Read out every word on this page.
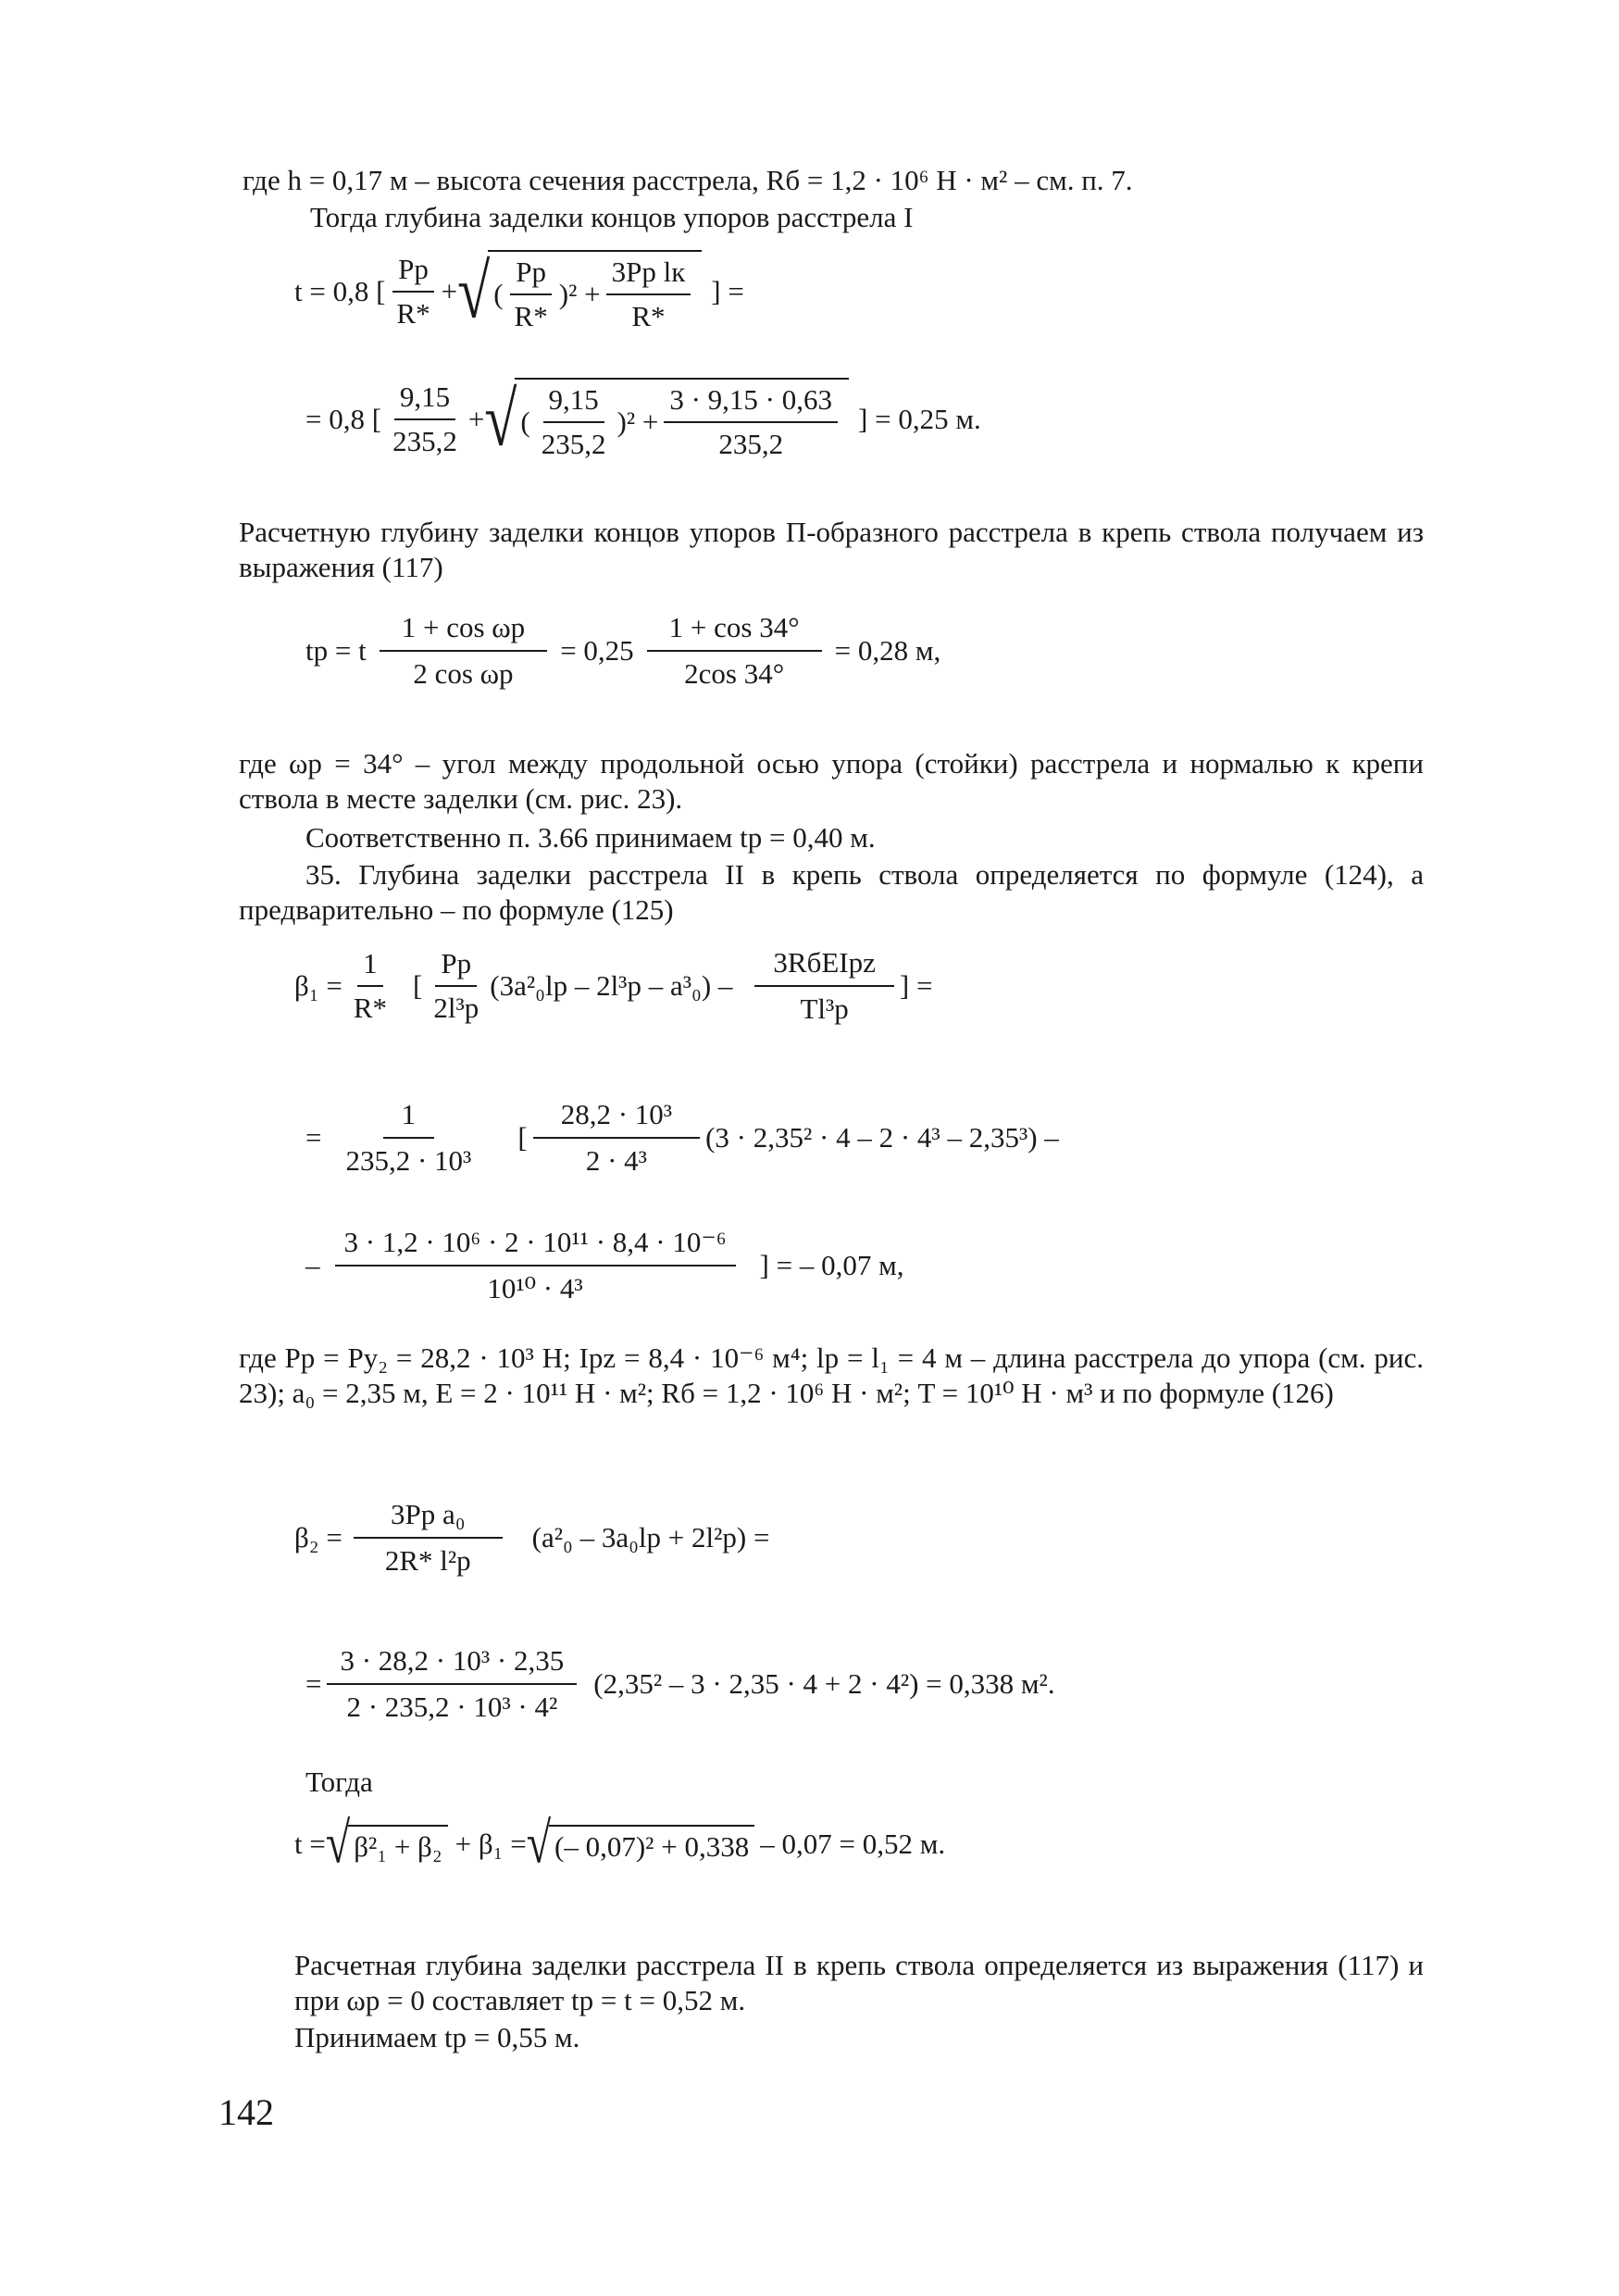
где h = 0,17 м – высота сечения расстрела, Rб = 1,2 · 10⁶ Н · м² – см. п. 7.
Тогда глубина заделки концов упоров расстрела I
t = 0,8 [ $\frac{Pр}{R*}$ + √ ( $\frac{Pр}{R*}$ ) $^2 + \frac{\text{3Pр lк}}{R*}$ ] =
= 0,8 [ $\frac{9,15}{235,2}$ + √ ( $\frac{9,15}{235,2}$ ) $^2 + \frac{3 \cdot 9,15 \cdot 0,63}{235,2}$ ] = 0,25 м.
Расчетную глубину заделки концов упоров П-образного расстрела в крепь ствола получаем из выражения (117)
tр = t $\frac{\text{1 + cos ωр}}{\text{2 cos ωр}} = 0,25 \frac{1 + \cos 34^\circ}{2\cos 34^\circ} = 0,28$ м,
где ωр = 34° – угол между продольной осью упора (стойки) расстрела и нормалью к крепи ствола в месте заделки (см. рис. 23).
Соответственно п. 3.66 принимаем tр = 0,40 м.
35. Глубина заделки расстрела II в крепь ствола определяется по формуле (124), а предварительно – по формуле (125)
$\beta_1 = \frac{1}{R*}$ [ $\frac{Pр}{\text{2l³р}} (3a^2_0lр - 2l^3р - a^3_0) - \frac{\text{3RбEIрz}}{\text{Tl³р}}$ ] =
= $\frac{1}{\text{235,2 · 10³}}$ [ $\frac{\text{28,2 · 10³}}{\text{2 · 4³}} (3 \cdot 2,35^2 \cdot 4 - 2 \cdot 4^3 - 2,35^3)$ –
– $\frac{\text{3 · 1,2 · 10⁶ · 2 · 10¹¹ · 8,4 · 10⁻⁶}}{\text{10¹⁰ · 4³}}$ ] = – 0,07 м,
где Pр = Py₂ = 28,2 · 10³ Н; Ipz = 8,4 · 10⁻⁶ м⁴; lр = l₁ = 4 м – длина расстрела до упора (см. рис. 23); a₀ = 2,35 м, E = 2 · 10¹¹ Н · м²; Rб = 1,2 · 10⁶ Н · м²; T = 10¹⁰ Н · м³ и по формуле (126)
$\beta_2 = \frac{\text{3Pр a₀}}{\text{2R* l²р}} (a^2_0 - 3a_0lр + 2l^2р)$ =
= $\frac{\text{3 · 28,2 · 10³ · 2,35}}{\text{2 · 235,2 · 10³ · 4²}} (2,35^2 - 3 \cdot 2,35 \cdot 4 + 2 \cdot 4^2) = 0,338$ м².
Тогда
t = √ β²₁ + β₂ + β₁ = √ (– 0,07)² + 0,338 – 0,07 = 0,52 м.
Расчетная глубина заделки расстрела II в крепь ствола определяется из выражения (117) и при ωр = 0 составляет tр = t = 0,52 м.
Принимаем tр = 0,55 м.
142
